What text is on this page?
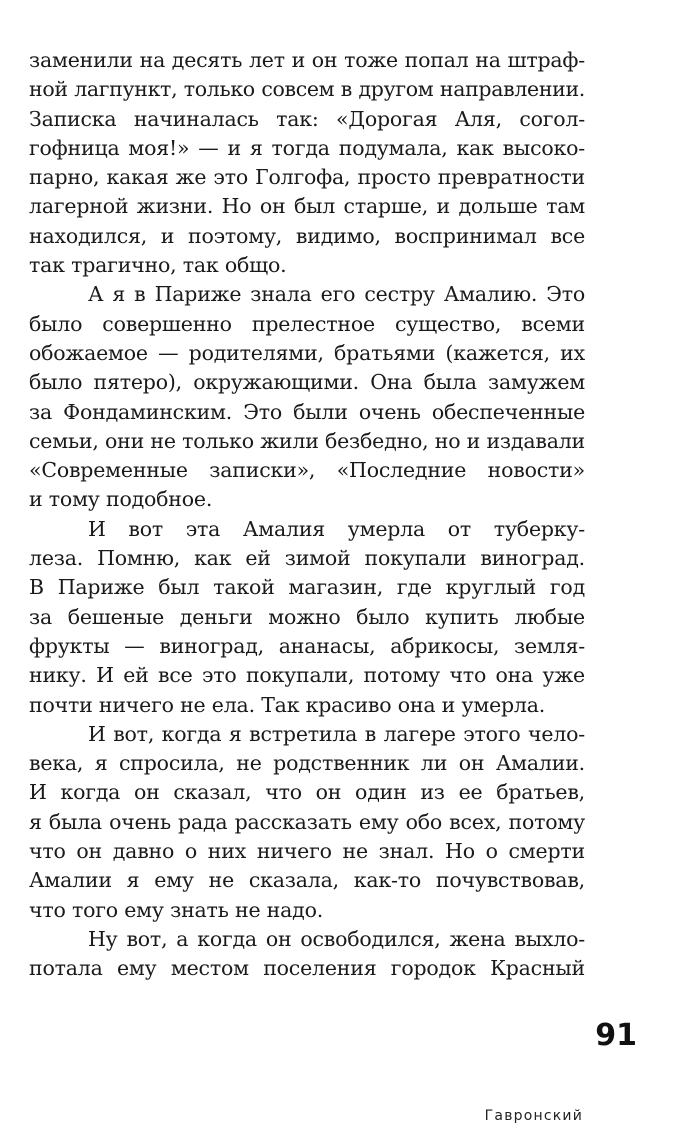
заменили на десять лет и он тоже попал на штраф-
ной лагпункт, только совсем в другом направлении.
Записка начиналась так: «Дорогая Аля, согол-
гофница моя!» — и я тогда подумала, как высоко-
парно, какая же это Голгофа, просто превратности
лагерной жизни. Но он был старше, и дольше там
находился, и поэтому, видимо, воспринимал все
так трагично, так общо.
А я в Париже знала его сестру Амалию. Это
было совершенно прелестное существо, всеми
обожаемое — родителями, братьями (кажется, их
было пятеро), окружающими. Она была замужем
за Фондаминским. Это были очень обеспеченные
семьи, они не только жили безбедно, но и издавали
«Современные записки», «Последние новости»
и тому подобное.
И вот эта Амалия умерла от туберку-
леза. Помню, как ей зимой покупали виноград.
В Париже был такой магазин, где круглый год
за бешеные деньги можно было купить любые
фрукты — виноград, ананасы, абрикосы, земля-
нику. И ей все это покупали, потому что она уже
почти ничего не ела. Так красиво она и умерла.
И вот, когда я встретила в лагере этого чело-
века, я спросила, не родственник ли он Амалии.
И когда он сказал, что он один из ее братьев,
я была очень рада рассказать ему обо всех, потому
что он давно о них ничего не знал. Но о смерти
Амалии я ему не сказала, как-то почувствовав,
что того ему знать не надо.
Ну вот, а когда он освободился, жена выхло-
потала ему местом поселения городок Красный
91
Гавронский
